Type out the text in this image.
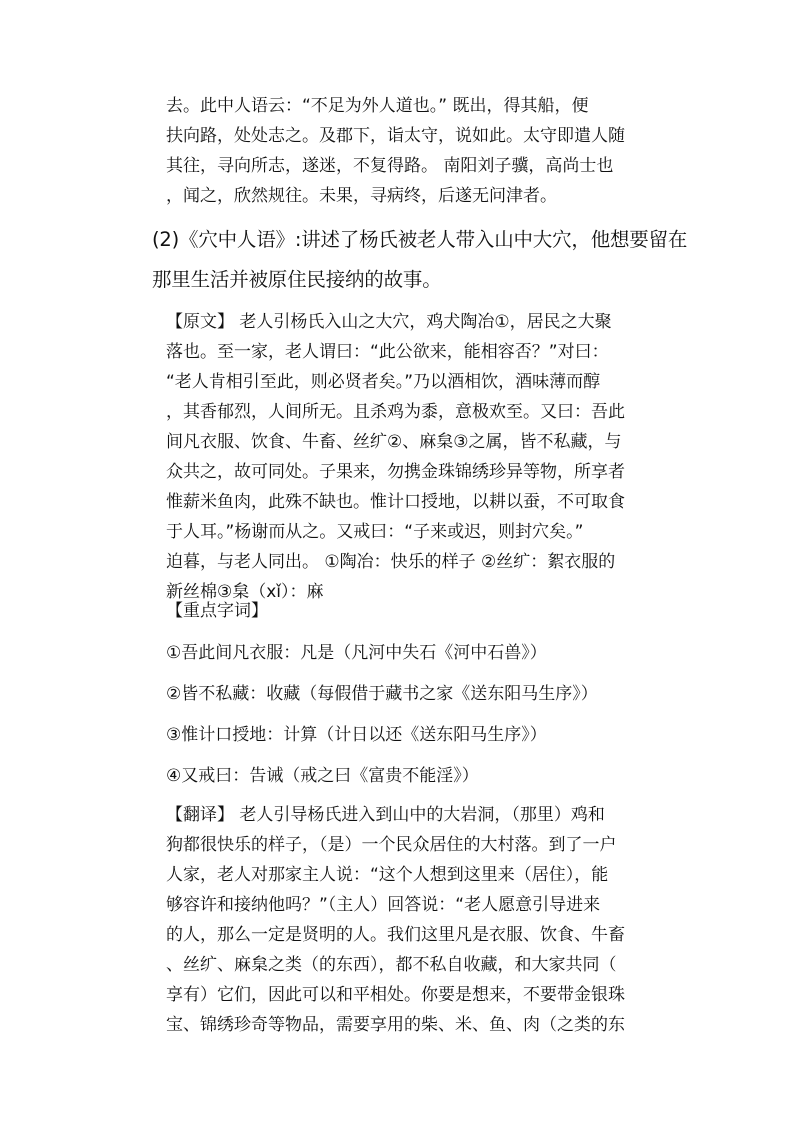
去。此中人语云：“不足为外人道也。” 既出，得其船，便
扶向路，处处志之。及郡下，诣太守，说如此。太守即遣人随
其往，寻向所志，遂迷，不复得路。 南阳刘子骥，高尚士也
，闻之，欣然规往。未果，寻病终，后遂无问津者。
(2)《穴中人语》:讲述了杨氏被老人带入山中大穴，他想要留在
那里生活并被原住民接纳的故事。
【原文】 老人引杨氏入山之大穴，鸡犬陶冶①，居民之大聚
落也。至一家，老人谓曰：“此公欲来，能相容否？”对曰：
“老人肯相引至此，则必贤者矣。”乃以酒相饮，酒味薄而醇
，其香郁烈，人间所无。且杀鸡为黍，意极欢至。又曰：吾此
间凡衣服、饮食、牛畜、丝纩②、麻枲③之属，皆不私藏，与
众共之，故可同处。子果来，勿携金珠锦绣珍异等物，所享者
惟薪米鱼肉，此殊不缺也。惟计口授地，以耕以蚕，不可取食
于人耳。”杨谢而从之。又戒曰：“子来或迟，则封穴矣。”
迫暮，与老人同出。 ①陶冶：快乐的样子 ②丝纩：絮衣服的
新丝棉③枲（xǐ）：麻
【重点字词】
①吾此间凡衣服：凡是（凡河中失石《河中石兽》）
②皆不私藏：收藏（每假借于藏书之家《送东阳马生序》）
③惟计口授地：计算（计日以还《送东阳马生序》）
④又戒曰：告诫（戒之曰《富贵不能淫》）
【翻译】 老人引导杨氏进入到山中的大岩洞，（那里）鸡和
狗都很快乐的样子，（是）一个民众居住的大村落。到了一户
人家，老人对那家主人说：“这个人想到这里来（居住），能
够容许和接纳他吗？”（主人）回答说：“老人愿意引导进来
的人，那么一定是贤明的人。我们这里凡是衣服、饮食、牛畜
、丝纩、麻枲之类（的东西），都不私自收藏，和大家共同（
享有）它们，因此可以和平相处。你要是想来，不要带金银珠
宝、锦绣珍奇等物品，需要享用的柴、米、鱼、肉（之类的东
